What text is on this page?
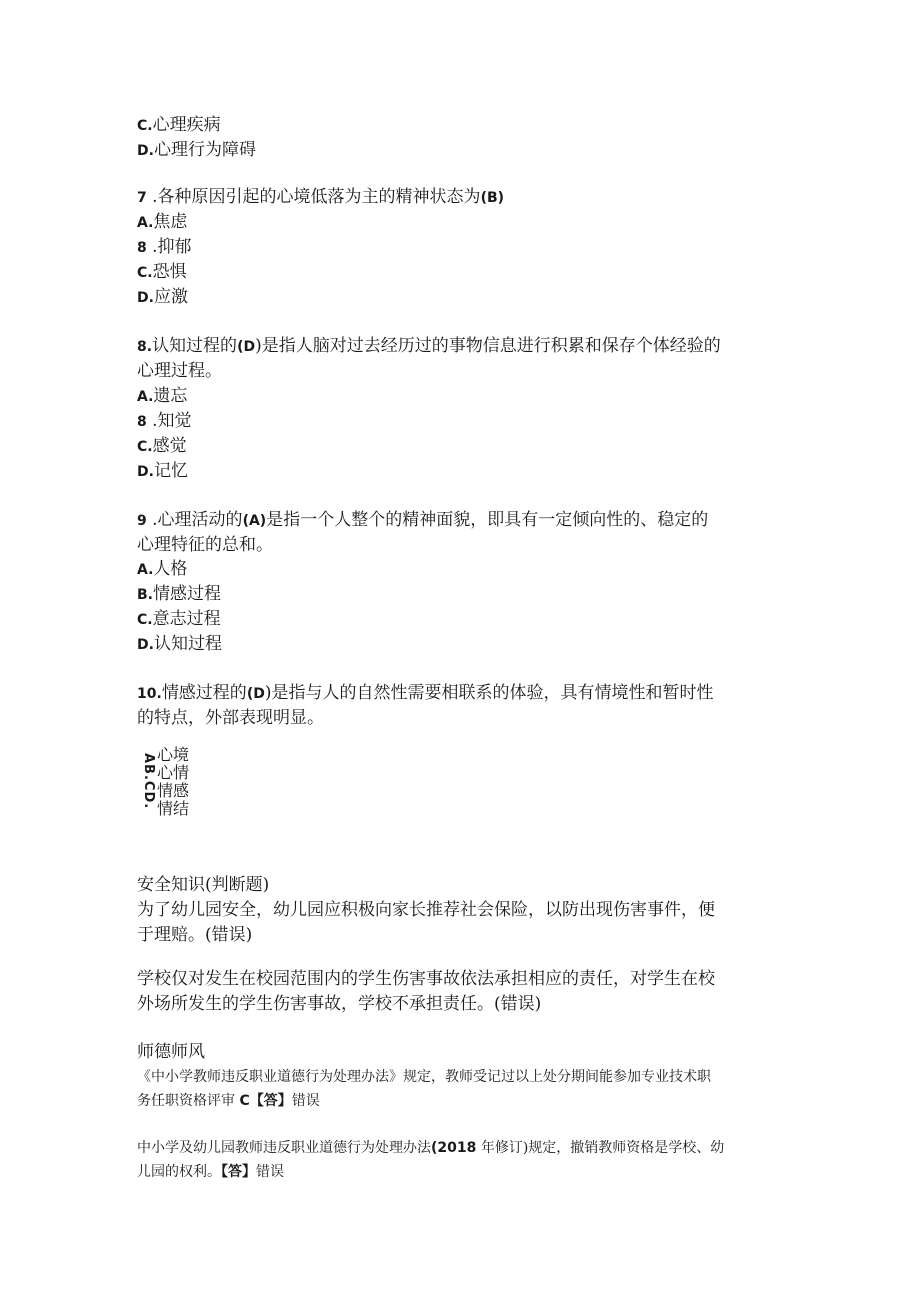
C.心理疾病
D.心理行为障碍
7 .各种原因引起的心境低落为主的精神状态为(B)
A.焦虑
8 .抑郁
C.恐惧
D.应激
8.认知过程的(D)是指人脑对过去经历过的事物信息进行积累和保存个体经验的
心理过程。
A.遗忘
8 .知觉
C.感觉
D.记忆
9 .心理活动的(A)是指一个人整个的精神面貌，即具有一定倾向性的、稳定的
心理特征的总和。
A.人格
B.情感过程
C.意志过程
D.认知过程
10.情感过程的(D)是指与人的自然性需要相联系的体验，具有情境性和暂时性
的特点，外部表现明显。
AB.CD. 心境
心情
情感
情结
安全知识(判断题)
为了幼儿园安全，幼儿园应积极向家长推荐社会保险，以防出现伤害事件，便
于理赔。(错误)
学校仅对发生在校园范围内的学生伤害事故依法承担相应的责任，对学生在校
外场所发生的学生伤害事故，学校不承担责任。(错误)
师德师风
《中小学教师违反职业道德行为处理办法》规定，教师受记过以上处分期间能参加专业技术职
务任职资格评审 C【答】错误
中小学及幼儿园教师违反职业道德行为处理办法(2018 年修订)规定，撤销教师资格是学校、幼
儿园的权利。【答】错误
